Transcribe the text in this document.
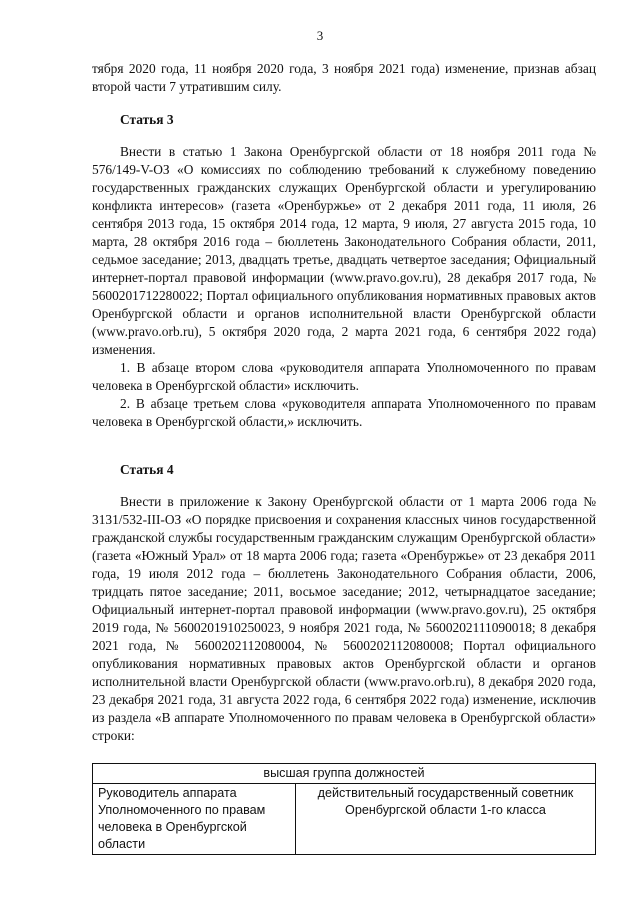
3

тября 2020 года, 11 ноября 2020 года, 3 ноября 2021 года) изменение, признав абзац второй части 7 утратившим силу.

Статья 3

Внести в статью 1 Закона Оренбургской области от 18 ноября 2011 года № 576/149-V-ОЗ «О комиссиях по соблюдению требований к служебному поведению государственных гражданских служащих Оренбургской области и урегулированию конфликта интересов» (газета «Оренбуржье» от 2 декабря 2011 года, 11 июля, 26 сентября 2013 года, 15 октября 2014 года, 12 марта, 9 июля, 27 августа 2015 года, 10 марта, 28 октября 2016 года – бюллетень Законодательного Собрания области, 2011, седьмое заседание; 2013, двадцать третье, двадцать четвертое заседания; Официальный интернет-портал правовой информации (www.pravo.gov.ru), 28 декабря 2017 года, № 5600201712280022; Портал официального опубликования нормативных правовых актов Оренбургской области и органов исполнительной власти Оренбургской области (www.pravo.orb.ru), 5 октября 2020 года, 2 марта 2021 года, 6 сентября 2022 года) изменения.

1. В абзаце втором слова «руководителя аппарата Уполномоченного по правам человека в Оренбургской области» исключить.

2. В абзаце третьем слова «руководителя аппарата Уполномоченного по правам человека в Оренбургской области,» исключить.

Статья 4

Внести в приложение к Закону Оренбургской области от 1 марта 2006 года № 3131/532-III-ОЗ «О порядке присвоения и сохранения классных чинов государственной гражданской службы государственным гражданским служащим Оренбургской области» (газета «Южный Урал» от 18 марта 2006 года; газета «Оренбуржье» от 23 декабря 2011 года, 19 июля 2012 года – бюллетень Законодательного Собрания области, 2006, тридцать пятое заседание; 2011, восьмое заседание; 2012, четырнадцатое заседание; Официальный интернет-портал правовой информации (www.pravo.gov.ru), 25 октября 2019 года, № 5600201910250023, 9 ноября 2021 года, № 5600202111090018; 8 декабря 2021 года, № 5600202112080004, № 5600202112080008; Портал официального опубликования нормативных правовых актов Оренбургской области и органов исполнительной власти Оренбургской области (www.pravo.orb.ru), 8 декабря 2020 года, 23 декабря 2021 года, 31 августа 2022 года, 6 сентября 2022 года) изменение, исключив из раздела «В аппарате Уполномоченного по правам человека в Оренбургской области» строки:

высшая группа должностей
Руководитель аппарата Уполномоченного по правам человека в Оренбургской области	действительный государственный советник Оренбургской области 1-го класса
